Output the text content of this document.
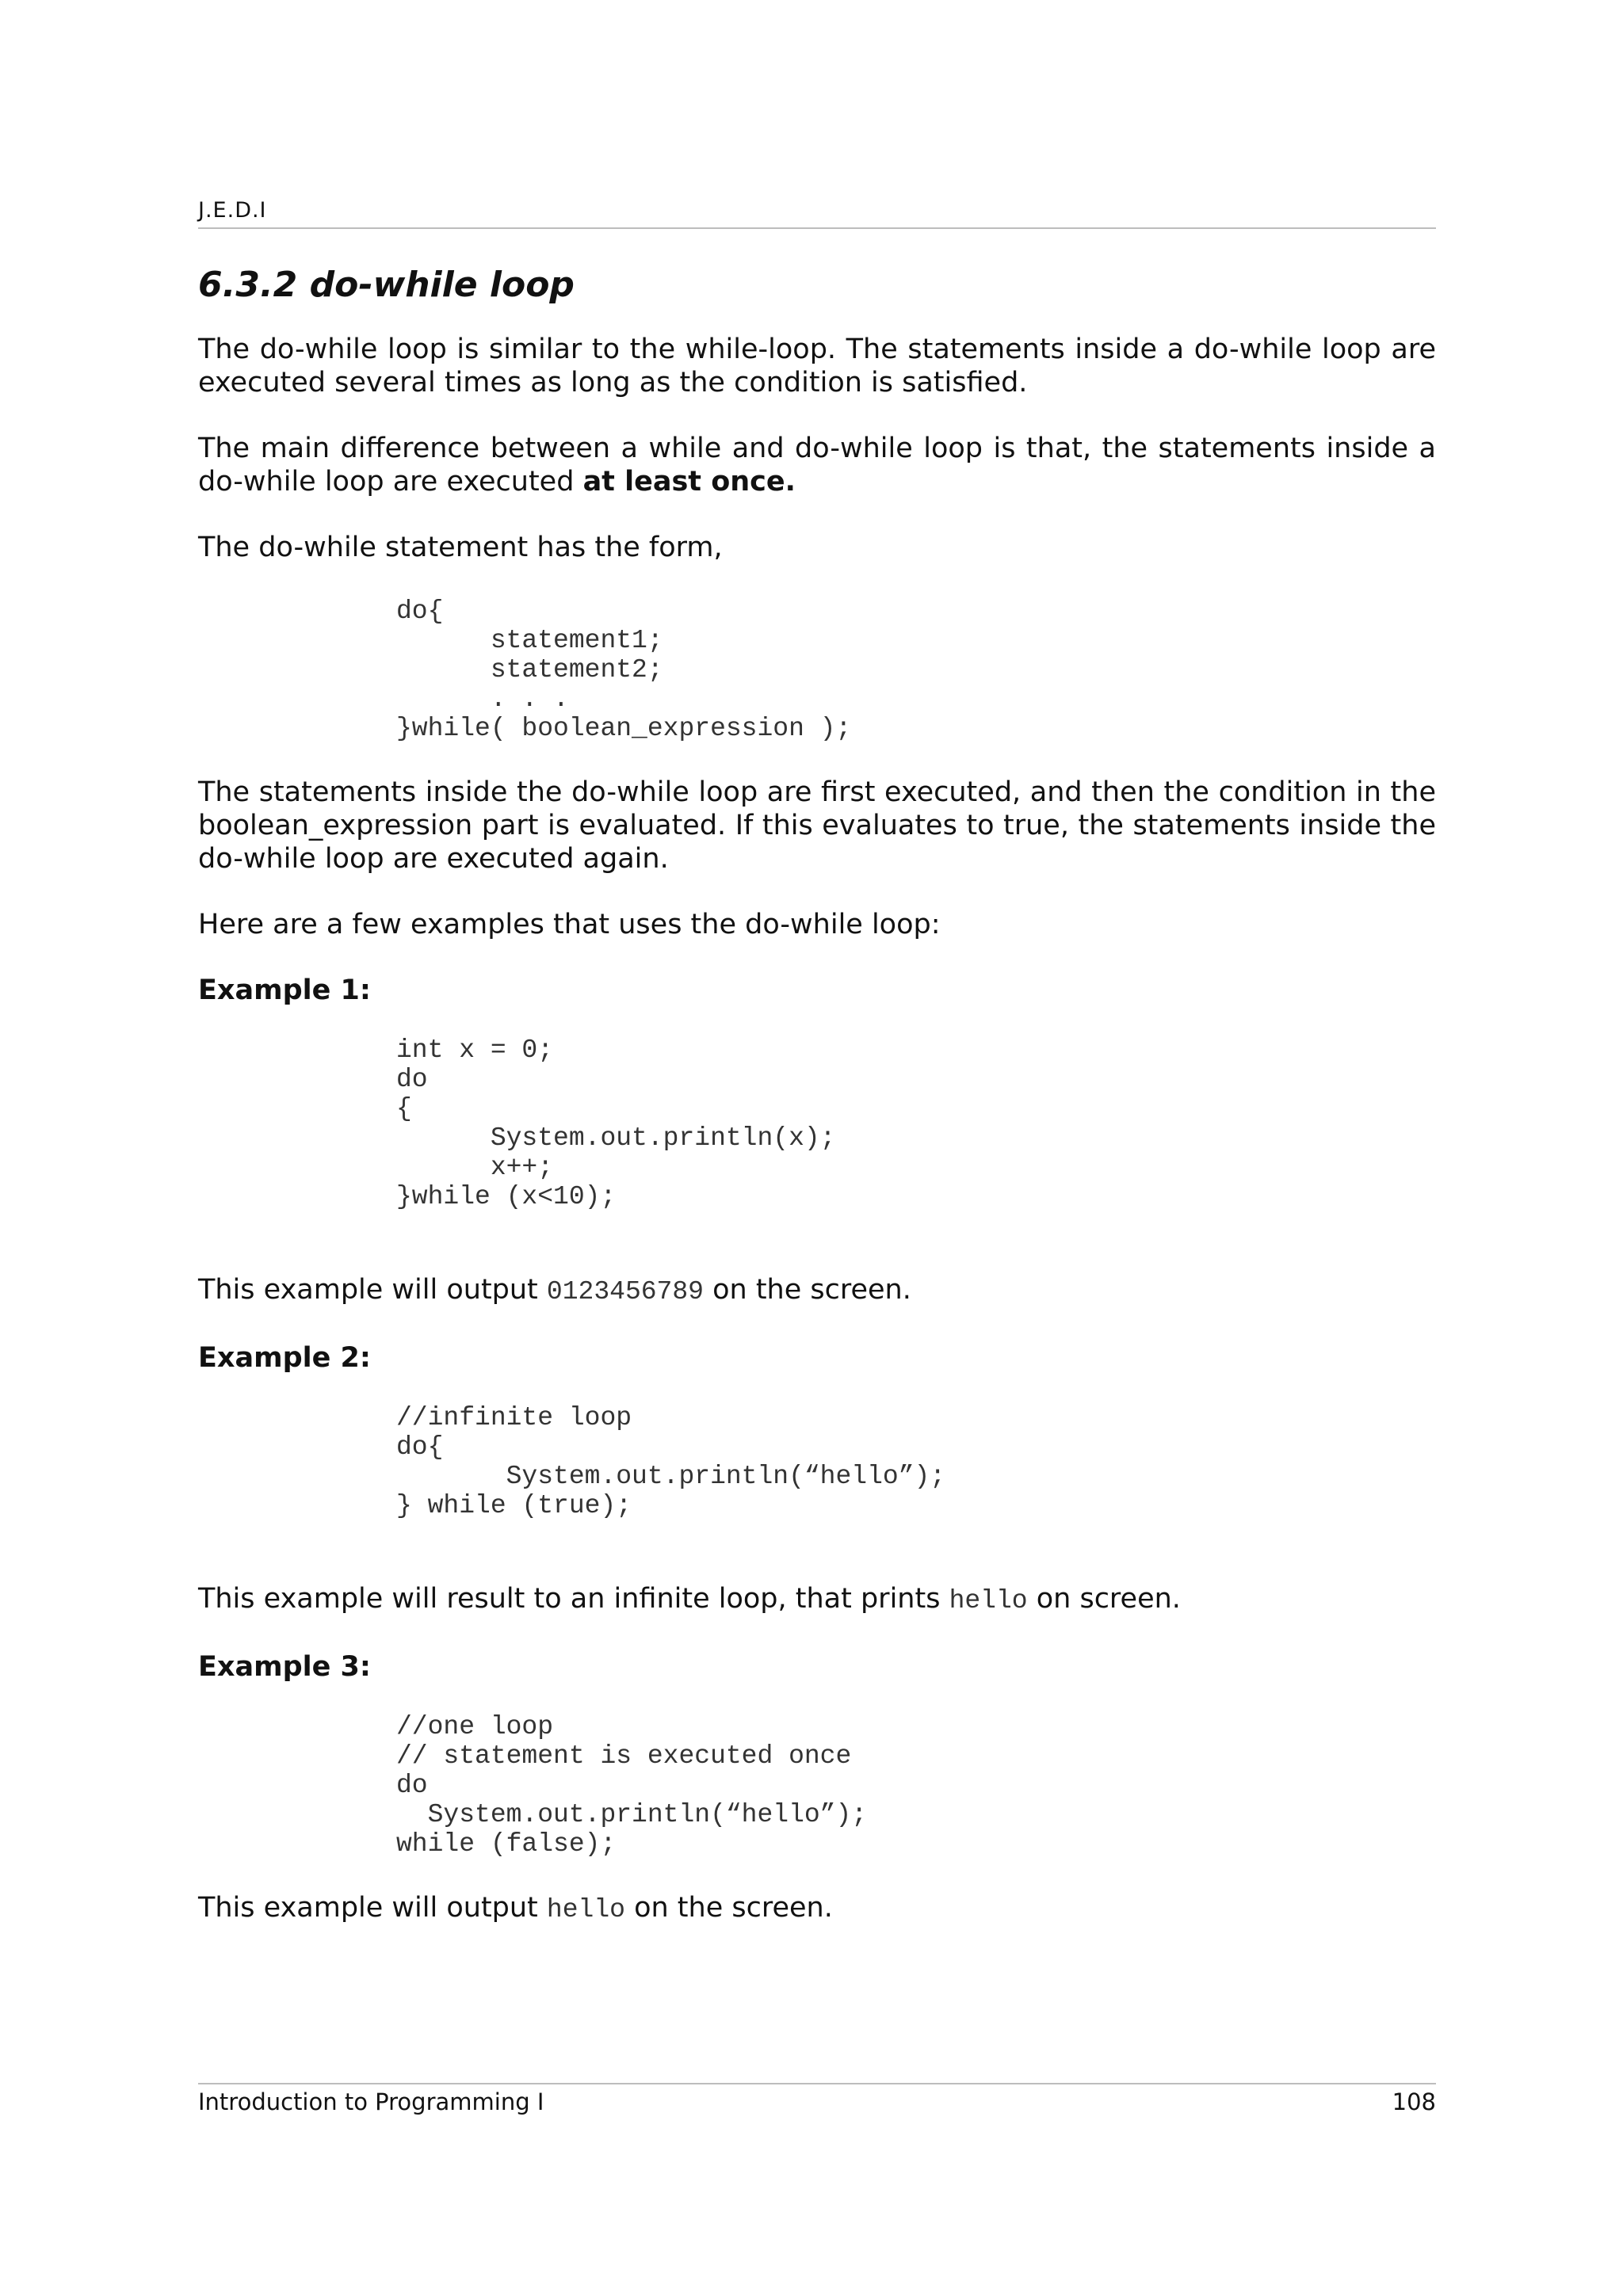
J.E.D.I
6.3.2 do-while loop

The do-while loop is similar to the while-loop. The statements inside a do-while loop are executed several times as long as the condition is satisfied.

The main difference between a while and do-while loop is that, the statements inside a do-while loop are executed at least once.

The do-while statement has the form,

do{
statement1;
statement2;
. . .
}while( boolean_expression );

The statements inside the do-while loop are first executed, and then the condition in the boolean_expression part is evaluated. If this evaluates to true, the statements inside the do-while loop are executed again.

Here are a few examples that uses the do-while loop:

Example 1:
int x = 0;
do
{
System.out.println(x);
x++;
}while (x<10);

This example will output 0123456789 on the screen.

Example 2:
//infinite loop
do{
System.out.println(“hello”);
} while (true);

This example will result to an infinite loop, that prints hello on screen.

Example 3:
//one loop
// statement is executed once
do
System.out.println(“hello”);
while (false);

This example will output hello on the screen.

Introduction to Programming I	108
